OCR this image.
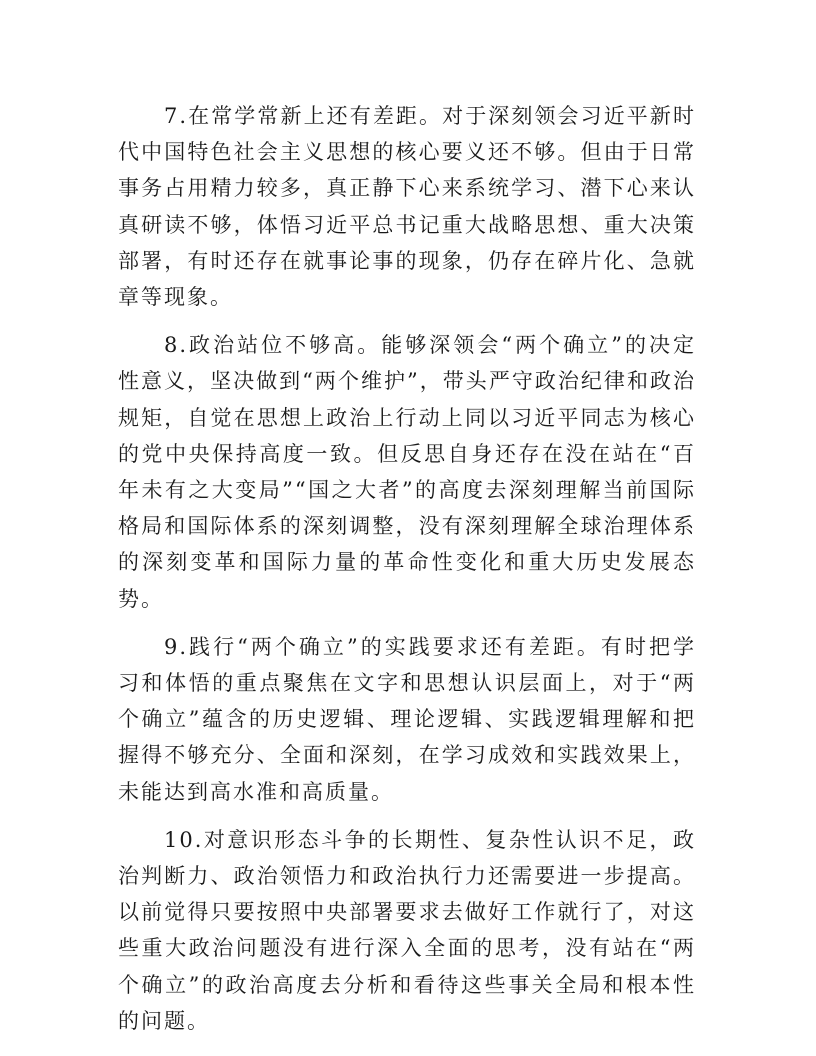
7.在常学常新上还有差距。对于深刻领会习近平新时代中国特色社会主义思想的核心要义还不够。但由于日常事务占用精力较多，真正静下心来系统学习、潜下心来认真研读不够，体悟习近平总书记重大战略思想、重大决策部署，有时还存在就事论事的现象，仍存在碎片化、急就章等现象。

8.政治站位不够高。能够深领会“两个确立”的决定性意义，坚决做到“两个维护”，带头严守政治纪律和政治规矩，自觉在思想上政治上行动上同以习近平同志为核心的党中央保持高度一致。但反思自身还存在没在站在“百年未有之大变局”“国之大者”的高度去深刻理解当前国际格局和国际体系的深刻调整，没有深刻理解全球治理体系的深刻变革和国际力量的革命性变化和重大历史发展态势。

9.践行“两个确立”的实践要求还有差距。有时把学习和体悟的重点聚焦在文字和思想认识层面上，对于“两个确立”蕴含的历史逻辑、理论逻辑、实践逻辑理解和把握得不够充分、全面和深刻，在学习成效和实践效果上，未能达到高水准和高质量。

10.对意识形态斗争的长期性、复杂性认识不足，政治判断力、政治领悟力和政治执行力还需要进一步提高。以前觉得只要按照中央部署要求去做好工作就行了，对这些重大政治问题没有进行深入全面的思考，没有站在“两个确立”的政治高度去分析和看待这些事关全局和根本性的问题。
